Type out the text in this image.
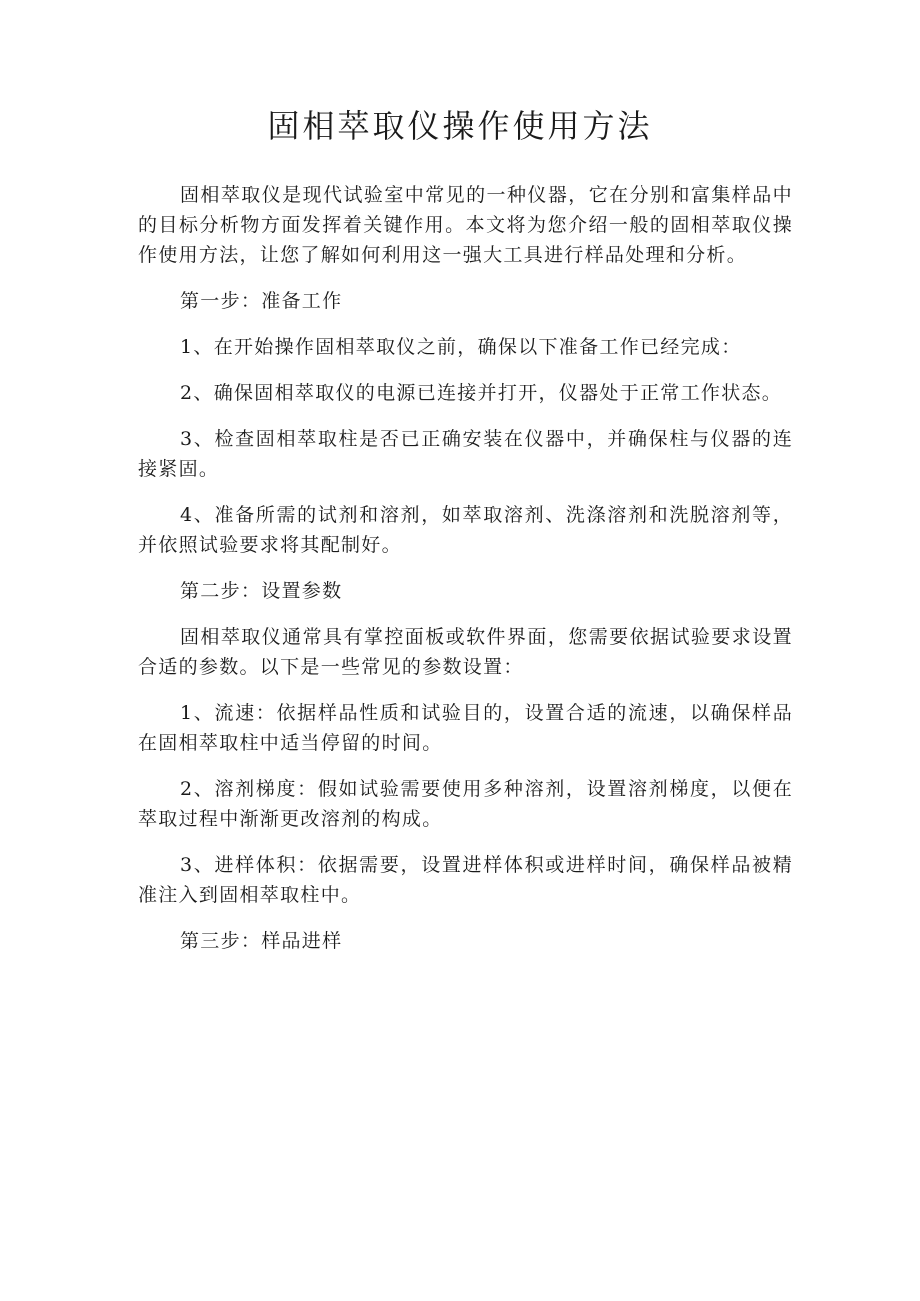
固相萃取仪操作使用方法

固相萃取仪是现代试验室中常见的一种仪器，它在分别和富集样品中的目标分析物方面发挥着关键作用。本文将为您介绍一般的固相萃取仪操作使用方法，让您了解如何利用这一强大工具进行样品处理和分析。

第一步：准备工作

1、在开始操作固相萃取仪之前，确保以下准备工作已经完成：

2、确保固相萃取仪的电源已连接并打开，仪器处于正常工作状态。

3、检查固相萃取柱是否已正确安装在仪器中，并确保柱与仪器的连接紧固。

4、准备所需的试剂和溶剂，如萃取溶剂、洗涤溶剂和洗脱溶剂等，并依照试验要求将其配制好。

第二步：设置参数

固相萃取仪通常具有掌控面板或软件界面，您需要依据试验要求设置合适的参数。以下是一些常见的参数设置：

1、流速：依据样品性质和试验目的，设置合适的流速，以确保样品在固相萃取柱中适当停留的时间。

2、溶剂梯度：假如试验需要使用多种溶剂，设置溶剂梯度，以便在萃取过程中渐渐更改溶剂的构成。

3、进样体积：依据需要，设置进样体积或进样时间，确保样品被精准注入到固相萃取柱中。

第三步：样品进样
